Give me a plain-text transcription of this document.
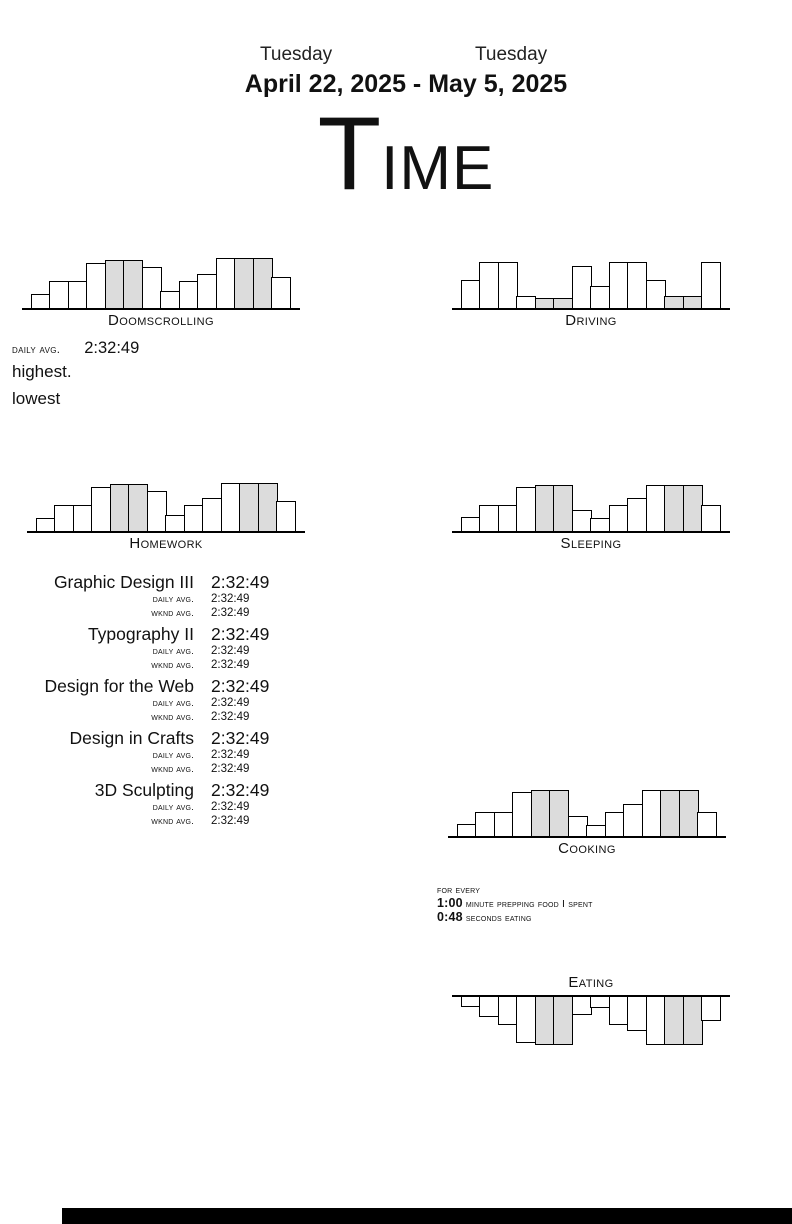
Tuesday	Tuesday
April 22, 2025 - May 5, 2025
TIME
Doomscrolling	Driving
daily avg. 2:32:49
highest.
lowest
Homework	Sleeping
Graphic Design III 2:32:49
daily avg. 2:32:49
wknd avg. 2:32:49
Typography II 2:32:49
daily avg. 2:32:49
wknd avg. 2:32:49
Design for the Web 2:32:49
daily avg. 2:32:49
wknd avg. 2:32:49
Design in Crafts 2:32:49
daily avg. 2:32:49
wknd avg. 2:32:49
3D Sculpting 2:32:49
daily avg. 2:32:49
wknd avg. 2:32:49
Cooking
for every
1:00 minute prepping food I spent
0:48 seconds eating
Eating
